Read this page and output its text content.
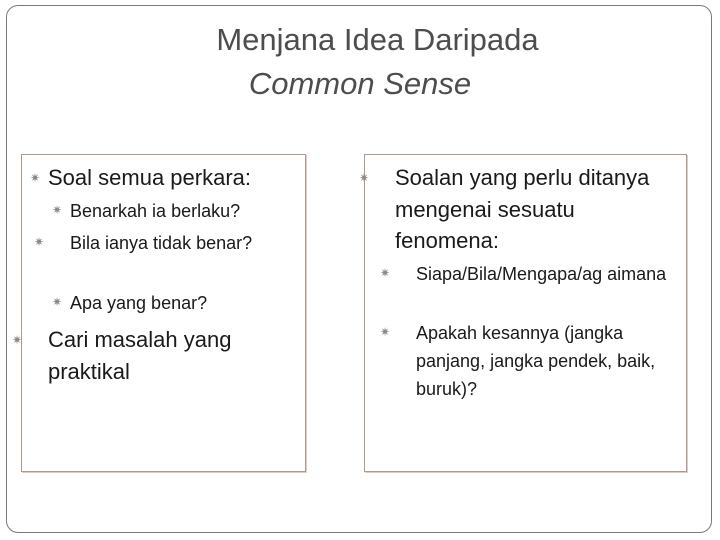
Menjana Idea Daripada
Common Sense

✷ Soal semua perkara:

✷ Benarkah ia berlaku?

✷ Bila ianya tidak benar?

✷ Apa yang benar?

✷ Cari masalah yang praktikal

✷ Soalan yang perlu ditanya mengenai sesuatu fenomena:

✷ Siapa/Bila/Mengapa/ag aimana

✷ Apakah kesannya (jangka panjang, jangka pendek, baik, buruk)?
